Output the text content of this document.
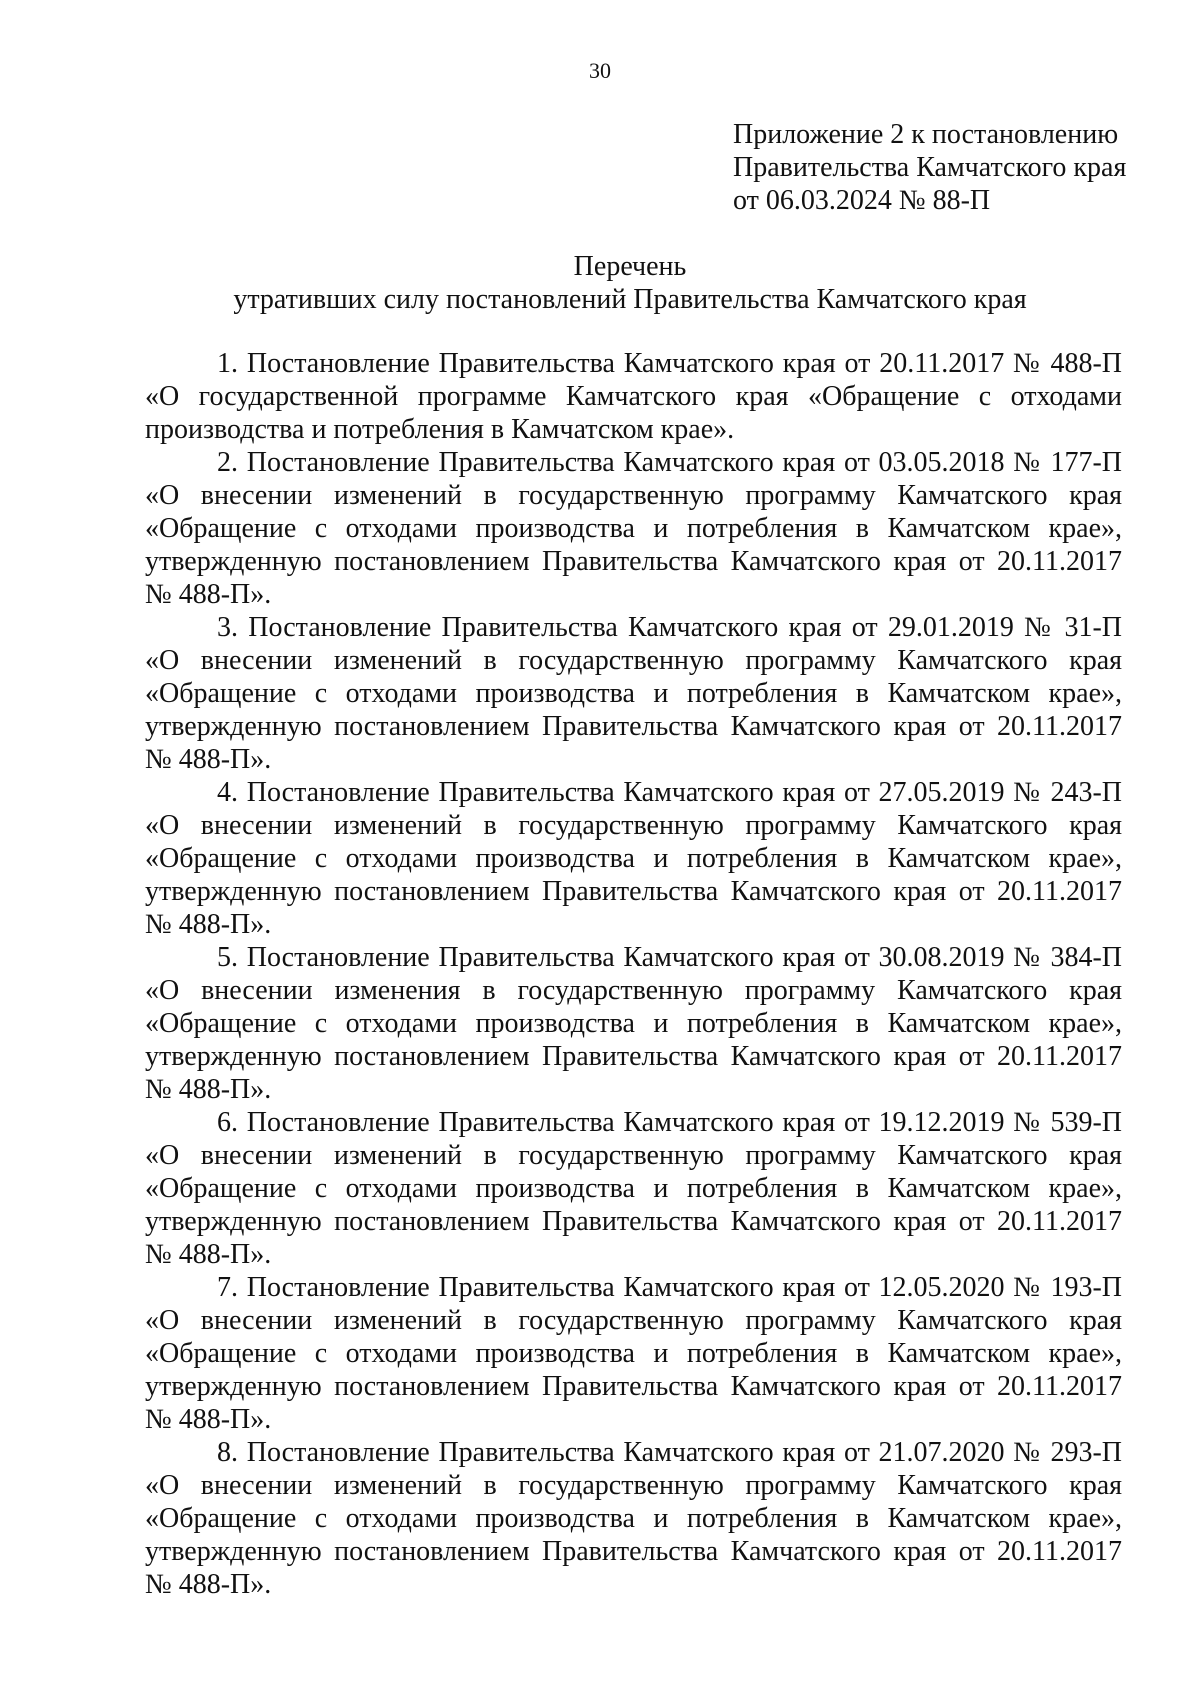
30
Приложение 2 к постановлению
Правительства Камчатского края
от 06.03.2024 № 88-П
Перечень
утративших силу постановлений Правительства Камчатского края

1. Постановление Правительства Камчатского края от 20.11.2017 № 488-П «О государственной программе Камчатского края «Обращение с отходами производства и потребления в Камчатском крае».

2. Постановление Правительства Камчатского края от 03.05.2018 № 177-П «О внесении изменений в государственную программу Камчатского края «Обращение с отходами производства и потребления в Камчатском крае», утвержденную постановлением Правительства Камчатского края от 20.11.2017 № 488-П».

3. Постановление Правительства Камчатского края от 29.01.2019 № 31-П «О внесении изменений в государственную программу Камчатского края «Обращение с отходами производства и потребления в Камчатском крае», утвержденную постановлением Правительства Камчатского края от 20.11.2017 № 488-П».

4. Постановление Правительства Камчатского края от 27.05.2019 № 243-П «О внесении изменений в государственную программу Камчатского края «Обращение с отходами производства и потребления в Камчатском крае», утвержденную постановлением Правительства Камчатского края от 20.11.2017 № 488-П».

5. Постановление Правительства Камчатского края от 30.08.2019 № 384-П «О внесении изменения в государственную программу Камчатского края «Обращение с отходами производства и потребления в Камчатском крае», утвержденную постановлением Правительства Камчатского края от 20.11.2017 № 488-П».

6. Постановление Правительства Камчатского края от 19.12.2019 № 539-П «О внесении изменений в государственную программу Камчатского края «Обращение с отходами производства и потребления в Камчатском крае», утвержденную постановлением Правительства Камчатского края от 20.11.2017 № 488-П».

7. Постановление Правительства Камчатского края от 12.05.2020 № 193-П «О внесении изменений в государственную программу Камчатского края «Обращение с отходами производства и потребления в Камчатском крае», утвержденную постановлением Правительства Камчатского края от 20.11.2017 № 488-П».

8. Постановление Правительства Камчатского края от 21.07.2020 № 293-П «О внесении изменений в государственную программу Камчатского края «Обращение с отходами производства и потребления в Камчатском крае», утвержденную постановлением Правительства Камчатского края от 20.11.2017 № 488-П».
